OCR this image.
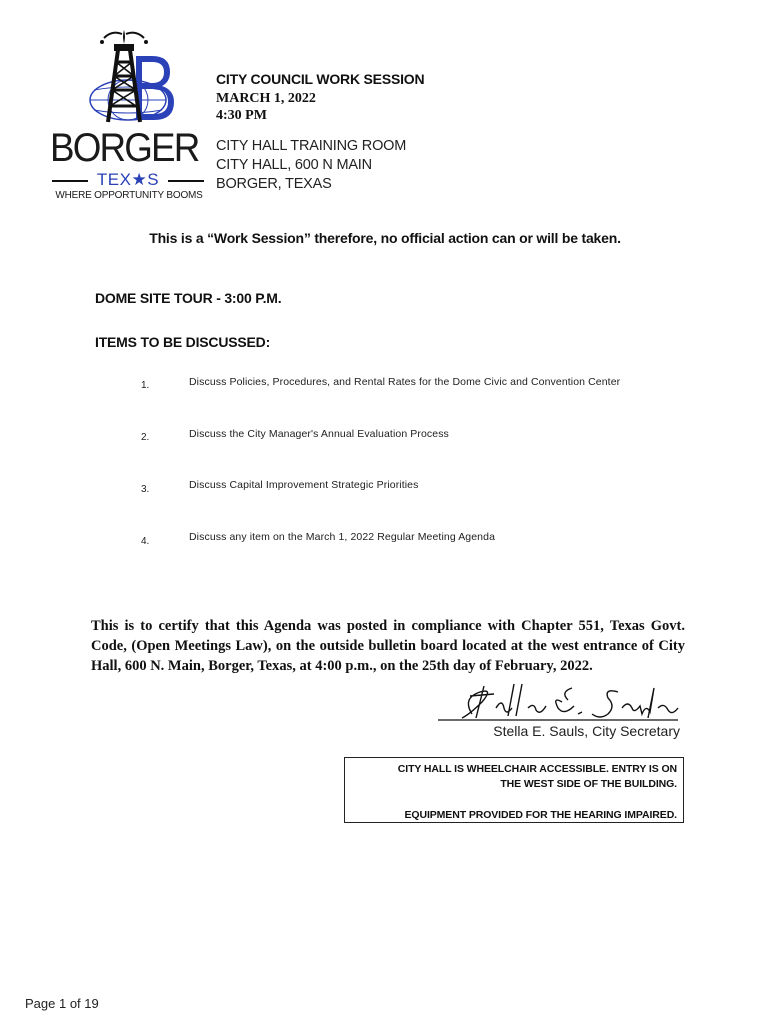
BORGER
TEX★S
WHERE OPPORTUNITY BOOMS
CITY COUNCIL WORK SESSION
MARCH 1, 2022
4:30 PM
CITY HALL TRAINING ROOM
CITY HALL, 600 N MAIN
BORGER, TEXAS
This is a “Work Session” therefore, no official action can or will be taken.
DOME SITE TOUR - 3:00 P.M.
ITEMS TO BE DISCUSSED:
1.	Discuss Policies, Procedures, and Rental Rates for the Dome Civic and Convention Center
2.	Discuss the City Manager's Annual Evaluation Process
3.	Discuss Capital Improvement Strategic Priorities
4.	Discuss any item on the March 1, 2022 Regular Meeting Agenda
This is to certify that this Agenda was posted in compliance with Chapter 551, Texas Govt. Code, (Open Meetings Law), on the outside bulletin board located at the west entrance of City Hall, 600 N. Main, Borger, Texas, at 4:00 p.m., on the 25th day of February, 2022.
Stella E. Sauls, City Secretary
CITY HALL IS WHEELCHAIR ACCESSIBLE. ENTRY IS ON
THE WEST SIDE OF THE BUILDING.
EQUIPMENT PROVIDED FOR THE HEARING IMPAIRED.
Page 1 of 19
